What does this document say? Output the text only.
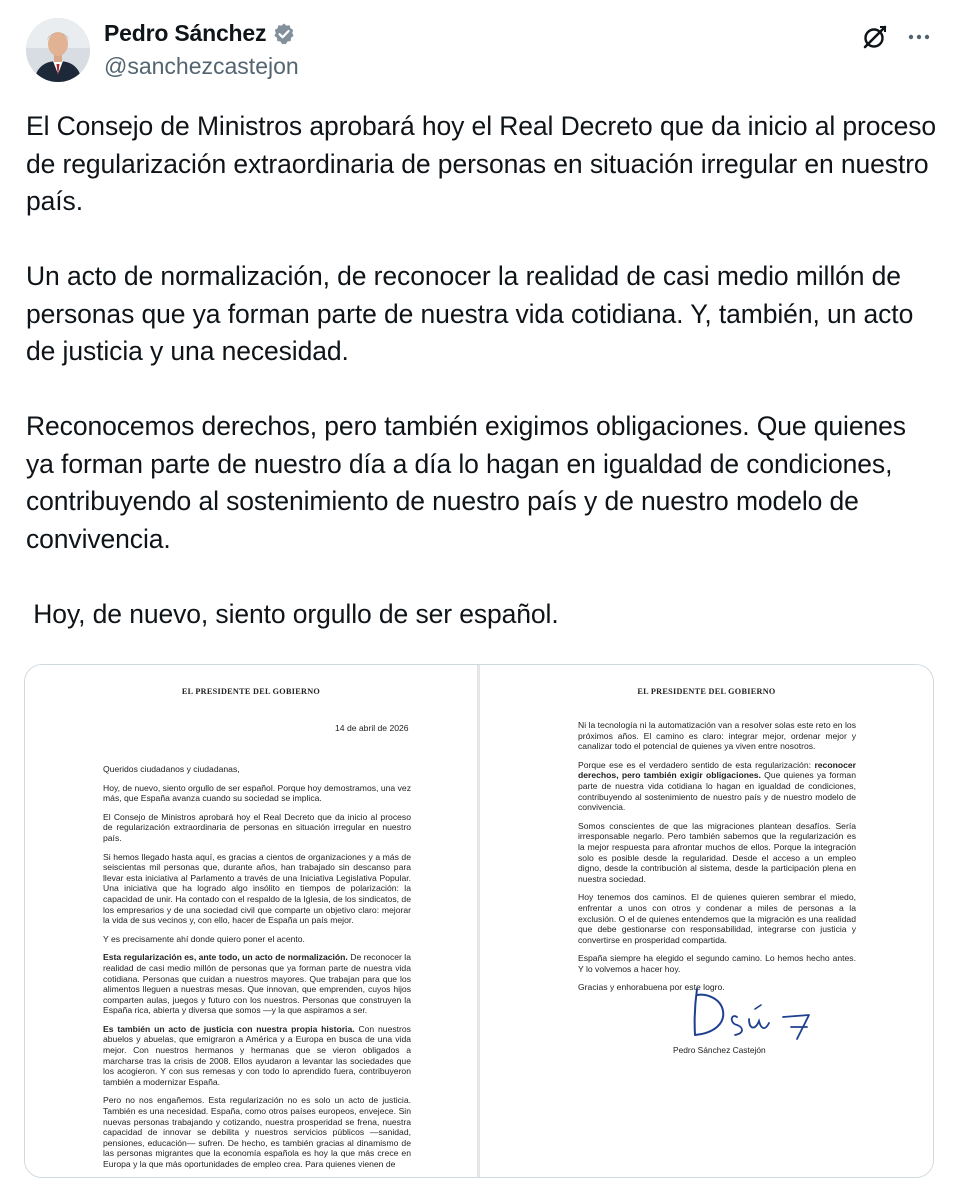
Pedro Sánchez
@sanchezcastejon

El Consejo de Ministros aprobará hoy el Real Decreto que da inicio al proceso de regularización extraordinaria de personas en situación irregular en nuestro país.

Un acto de normalización, de reconocer la realidad de casi medio millón de personas que ya forman parte de nuestra vida cotidiana. Y, también, un acto de justicia y una necesidad.

Reconocemos derechos, pero también exigimos obligaciones. Que quienes ya forman parte de nuestro día a día lo hagan en igualdad de condiciones, contribuyendo al sostenimiento de nuestro país y de nuestro modelo de convivencia.

Hoy, de nuevo, siento orgullo de ser español.

EL PRESIDENTE DEL GOBIERNO
14 de abril de 2026

Queridos ciudadanos y ciudadanas,

Hoy, de nuevo, siento orgullo de ser español. Porque hoy demostramos, una vez más, que España avanza cuando su sociedad se implica.

El Consejo de Ministros aprobará hoy el Real Decreto que da inicio al proceso de regularización extraordinaria de personas en situación irregular en nuestro país.

Si hemos llegado hasta aquí, es gracias a cientos de organizaciones y a más de seiscientas mil personas que, durante años, han trabajado sin descanso para llevar esta iniciativa al Parlamento a través de una Iniciativa Legislativa Popular. Una iniciativa que ha logrado algo insólito en tiempos de polarización: la capacidad de unir. Ha contado con el respaldo de la Iglesia, de los sindicatos, de los empresarios y de una sociedad civil que comparte un objetivo claro: mejorar la vida de sus vecinos y, con ello, hacer de España un país mejor.

Y es precisamente ahí donde quiero poner el acento.

Esta regularización es, ante todo, un acto de normalización. De reconocer la realidad de casi medio millón de personas que ya forman parte de nuestra vida cotidiana. Personas que cuidan a nuestros mayores. Que trabajan para que los alimentos lleguen a nuestras mesas. Que innovan, que emprenden, cuyos hijos comparten aulas, juegos y futuro con los nuestros. Personas que construyen la España rica, abierta y diversa que somos —y la que aspiramos a ser.

Es también un acto de justicia con nuestra propia historia. Con nuestros abuelos y abuelas, que emigraron a América y a Europa en busca de una vida mejor. Con nuestros hermanos y hermanas que se vieron obligados a marcharse tras la crisis de 2008. Ellos ayudaron a levantar las sociedades que los acogieron. Y con sus remesas y con todo lo aprendido fuera, contribuyeron también a modernizar España.

Pero no nos engañemos. Esta regularización no es solo un acto de justicia. También es una necesidad. España, como otros países europeos, envejece. Sin nuevas personas trabajando y cotizando, nuestra prosperidad se frena, nuestra capacidad de innovar se debilita y nuestros servicios públicos —sanidad, pensiones, educación— sufren. De hecho, es también gracias al dinamismo de las personas migrantes que la economía española es hoy la que más crece en Europa y la que más oportunidades de empleo crea. Para quienes vienen de

EL PRESIDENTE DEL GOBIERNO

Ni la tecnología ni la automatización van a resolver solas este reto en los próximos años. El camino es claro: integrar mejor, ordenar mejor y canalizar todo el potencial de quienes ya viven entre nosotros.

Porque ese es el verdadero sentido de esta regularización: reconocer derechos, pero también exigir obligaciones. Que quienes ya forman parte de nuestra vida cotidiana lo hagan en igualdad de condiciones, contribuyendo al sostenimiento de nuestro país y de nuestro modelo de convivencia.

Somos conscientes de que las migraciones plantean desafíos. Sería irresponsable negarlo. Pero también sabemos que la regularización es la mejor respuesta para afrontar muchos de ellos. Porque la integración solo es posible desde la regularidad. Desde el acceso a un empleo digno, desde la contribución al sistema, desde la participación plena en nuestra sociedad.

Hoy tenemos dos caminos. El de quienes quieren sembrar el miedo, enfrentar a unos con otros y condenar a miles de personas a la exclusión. O el de quienes entendemos que la migración es una realidad que debe gestionarse con responsabilidad, integrarse con justicia y convertirse en prosperidad compartida.

España siempre ha elegido el segundo camino. Lo hemos hecho antes. Y lo volvemos a hacer hoy.

Gracias y enhorabuena por este logro.

Pedro Sánchez Castejón
